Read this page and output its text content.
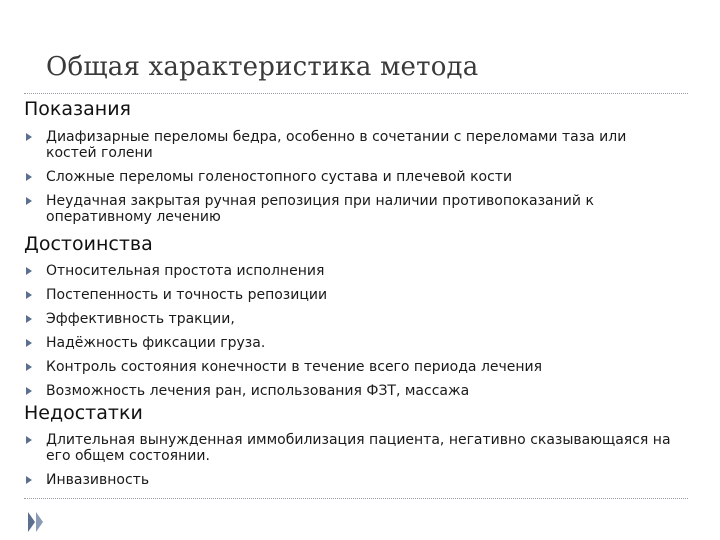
Общая характеристика метода
Показания
Диафизарные переломы бедра, особенно в сочетании с переломами таза или костей голени
Сложные переломы голеностопного сустава и плечевой кости
Неудачная закрытая ручная репозиция при наличии противопоказаний к оперативному лечению
Достоинства
Относительная простота исполнения
Постепенность и точность репозиции
Эффективность тракции,
Надёжность фиксации груза.
Контроль состояния конечности в течение всего периода лечения
Возможность лечения ран, использования ФЗТ, массажа
Недостатки
Длительная вынужденная иммобилизация пациента, негативно сказывающаяся на его общем состоянии.
Инвазивность
